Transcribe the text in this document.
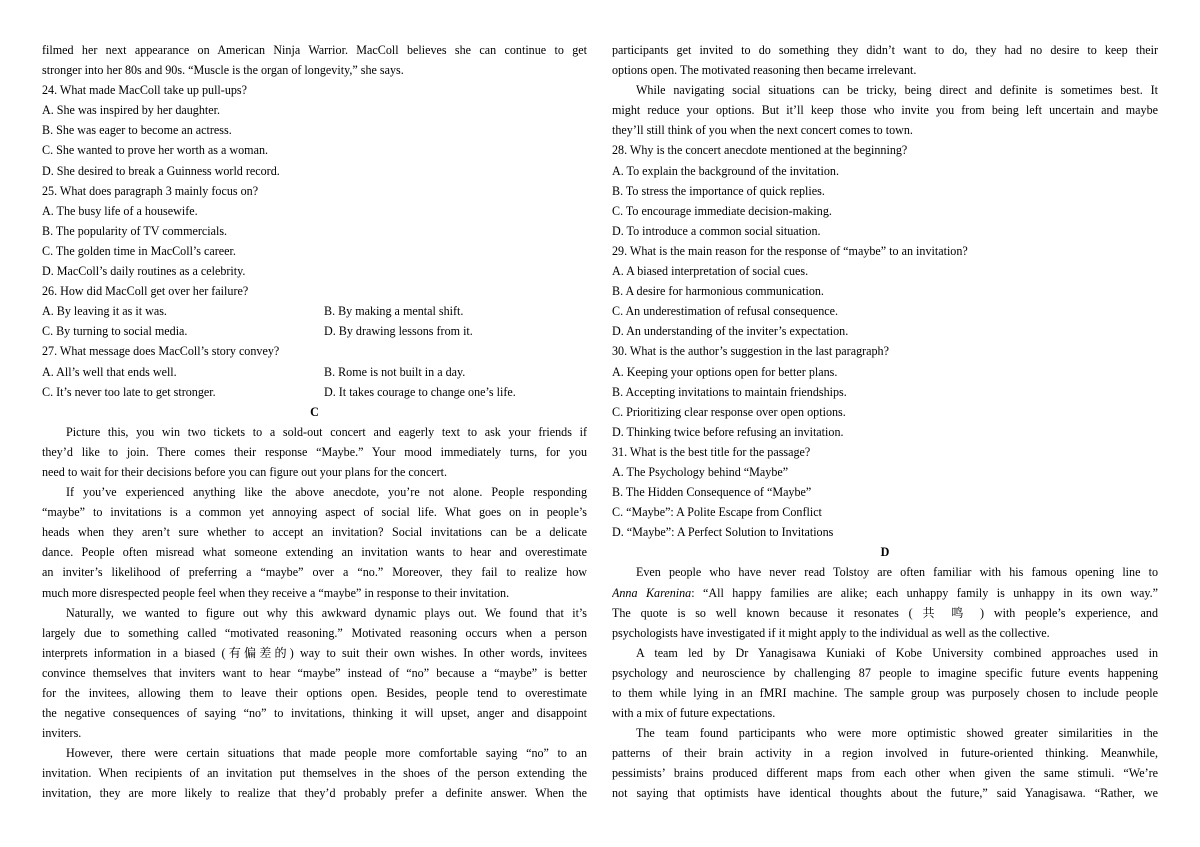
filmed her next appearance on American Ninja Warrior. MacColl believes she can continue to get
stronger into her 80s and 90s. “Muscle is the organ of longevity,” she says.
24. What made MacColl take up pull-ups?
A. She was inspired by her daughter.
B. She was eager to become an actress.
C. She wanted to prove her worth as a woman.
D. She desired to break a Guinness world record.
25. What does paragraph 3 mainly focus on?
A. The busy life of a housewife.
B. The popularity of TV commercials.
C. The golden time in MacColl’s career.
D. MacColl’s daily routines as a celebrity.
26. How did MacColl get over her failure?
A. By leaving it as it was.	B. By making a mental shift.
C. By turning to social media.	D. By drawing lessons from it.
27. What message does MacColl’s story convey?
A. All’s well that ends well.	B. Rome is not built in a day.
C. It’s never too late to get stronger.	D. It takes courage to change one’s life.
C
Picture this, you win two tickets to a sold-out concert and eagerly text to ask your friends if
they’d like to join. There comes their response “Maybe.” Your mood immediately turns, for you
need to wait for their decisions before you can figure out your plans for the concert.
If you’ve experienced anything like the above anecdote, you’re not alone. People responding
“maybe” to invitations is a common yet annoying aspect of social life. What goes on in people’s
heads when they aren’t sure whether to accept an invitation? Social invitations can be a delicate
dance. People often misread what someone extending an invitation wants to hear and overestimate
an inviter’s likelihood of preferring a “maybe” over a “no.” Moreover, they fail to realize how
much more disrespected people feel when they receive a “maybe” in response to their invitation.
Naturally, we wanted to figure out why this awkward dynamic plays out. We found that it’s
largely due to something called “motivated reasoning.” Motivated reasoning occurs when a person
interprets information in a biased (有偏差的) way to suit their own wishes. In other words, invitees
convince themselves that inviters want to hear “maybe” instead of “no” because a “maybe” is better
for the invitees, allowing them to leave their options open. Besides, people tend to overestimate
the negative consequences of saying “no” to invitations, thinking it will upset, anger and disappoint
inviters.
However, there were certain situations that made people more comfortable saying “no” to an
invitation. When recipients of an invitation put themselves in the shoes of the person extending the
invitation, they are more likely to realize that they’d probably prefer a definite answer. When the
participants get invited to do something they didn’t want to do, they had no desire to keep their
options open. The motivated reasoning then became irrelevant.
While navigating social situations can be tricky, being direct and definite is sometimes best. It
might reduce your options. But it’ll keep those who invite you from being left uncertain and maybe
they’ll still think of you when the next concert comes to town.
28. Why is the concert anecdote mentioned at the beginning?
A. To explain the background of the invitation.
B. To stress the importance of quick replies.
C. To encourage immediate decision-making.
D. To introduce a common social situation.
29. What is the main reason for the response of “maybe” to an invitation?
A. A biased interpretation of social cues.
B. A desire for harmonious communication.
C. An underestimation of refusal consequence.
D. An understanding of the inviter’s expectation.
30. What is the author’s suggestion in the last paragraph?
A. Keeping your options open for better plans.
B. Accepting invitations to maintain friendships.
C. Prioritizing clear response over open options.
D. Thinking twice before refusing an invitation.
31. What is the best title for the passage?
A. The Psychology behind “Maybe”
B. The Hidden Consequence of “Maybe”
C. “Maybe”: A Polite Escape from Conflict
D. “Maybe”: A Perfect Solution to Invitations
D
Even people who have never read Tolstoy are often familiar with his famous opening line to
Anna Karenina: “All happy families are alike; each unhappy family is unhappy in its own way.”
The quote is so well known because it resonates ( 共 鸣 ) with people’s experience, and
psychologists have investigated if it might apply to the individual as well as the collective.
A team led by Dr Yanagisawa Kuniaki of Kobe University combined approaches used in
psychology and neuroscience by challenging 87 people to imagine specific future events happening
to them while lying in an fMRI machine. The sample group was purposely chosen to include people
with a mix of future expectations.
The team found participants who were more optimistic showed greater similarities in the
patterns of their brain activity in a region involved in future-oriented thinking. Meanwhile,
pessimists’ brains produced different maps from each other when given the same stimuli. “We’re
not saying that optimists have identical thoughts about the future,” said Yanagisawa. “Rather, we
